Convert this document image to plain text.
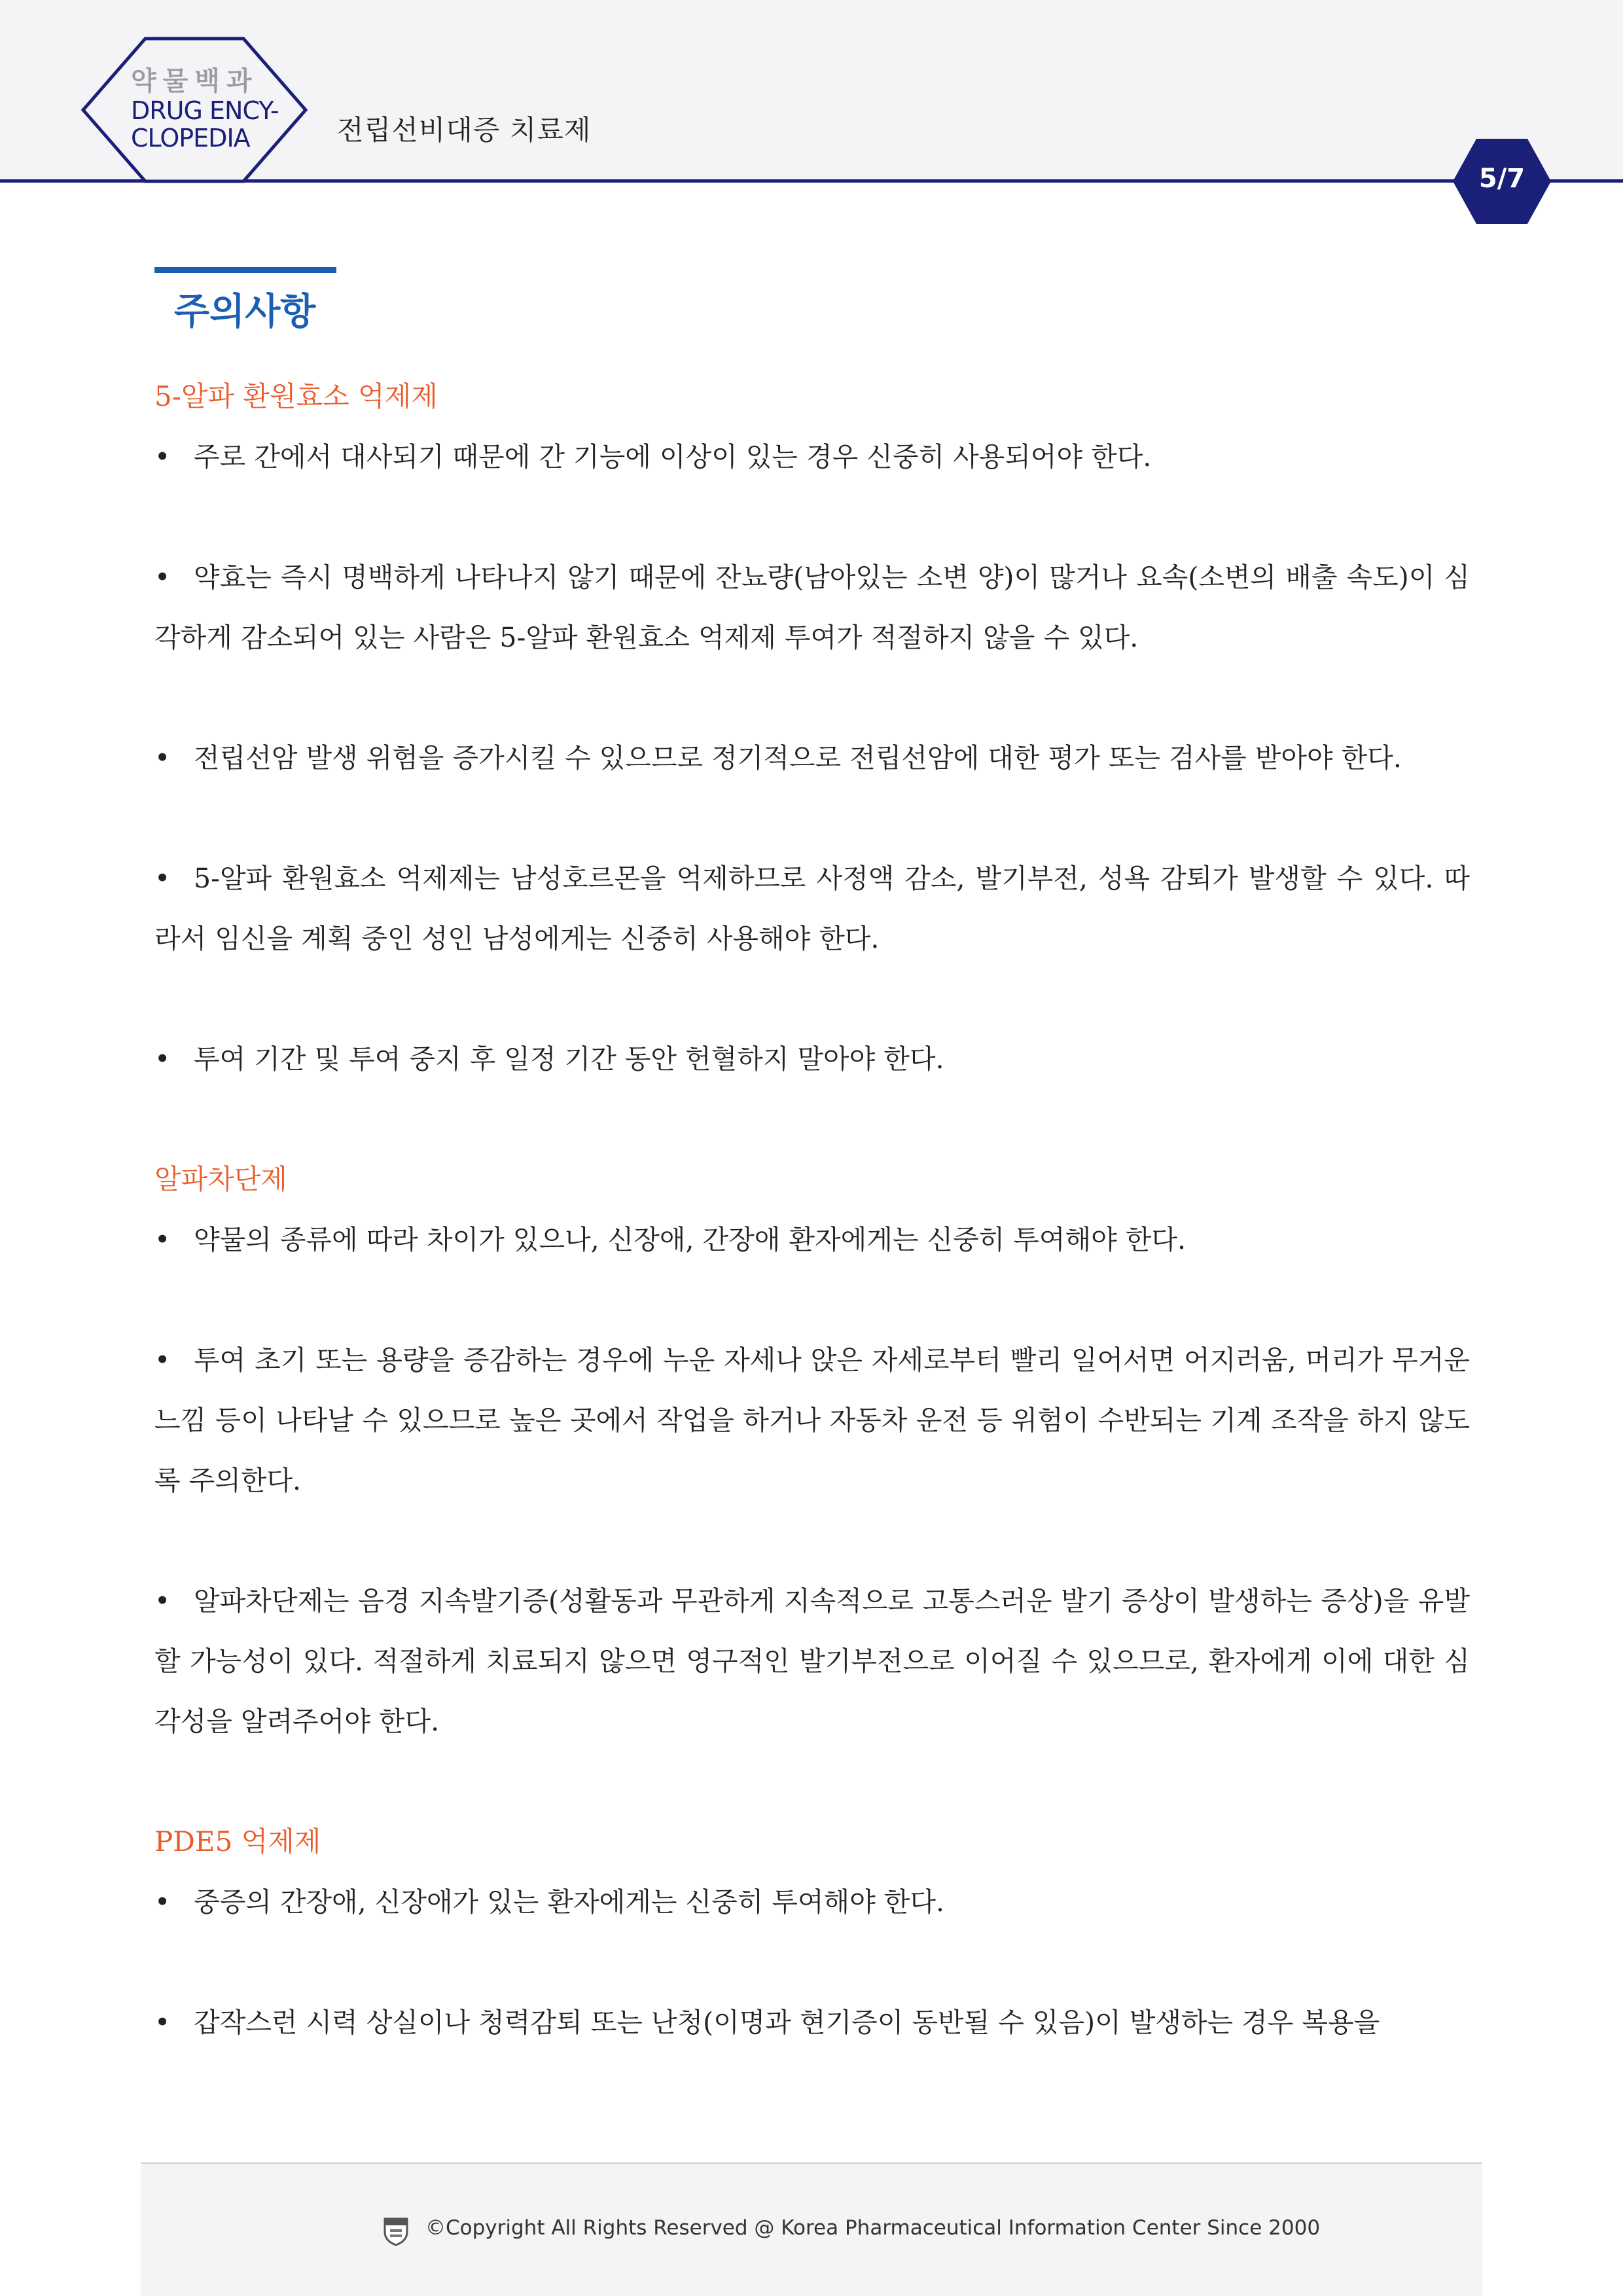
약물백과
DRUG ENCY-
CLOPEDIA	전립선비대증 치료제
5/7
주의사항
5-알파 환원효소 억제제

• 주로 간에서 대사되기 때문에 간 기능에 이상이 있는 경우 신중히 사용되어야 한다.

• 약효는 즉시 명백하게 나타나지 않기 때문에 잔뇨량(남아있는 소변 양)이 많거나 요속(소변의 배출 속도)이 심각하게 감소되어 있는 사람은 5-알파 환원효소 억제제 투여가 적절하지 않을 수 있다.

• 전립선암 발생 위험을 증가시킬 수 있으므로 정기적으로 전립선암에 대한 평가 또는 검사를 받아야 한다.

• 5-알파 환원효소 억제제는 남성호르몬을 억제하므로 사정액 감소, 발기부전, 성욕 감퇴가 발생할 수 있다. 따라서 임신을 계획 중인 성인 남성에게는 신중히 사용해야 한다.

• 투여 기간 및 투여 중지 후 일정 기간 동안 헌혈하지 말아야 한다.

알파차단제

• 약물의 종류에 따라 차이가 있으나, 신장애, 간장애 환자에게는 신중히 투여해야 한다.

• 투여 초기 또는 용량을 증감하는 경우에 누운 자세나 앉은 자세로부터 빨리 일어서면 어지러움, 머리가 무거운 느낌 등이 나타날 수 있으므로 높은 곳에서 작업을 하거나 자동차 운전 등 위험이 수반되는 기계 조작을 하지 않도록 주의한다.

• 알파차단제는 음경 지속발기증(성활동과 무관하게 지속적으로 고통스러운 발기 증상이 발생하는 증상)을 유발할 가능성이 있다. 적절하게 치료되지 않으면 영구적인 발기부전으로 이어질 수 있으므로, 환자에게 이에 대한 심각성을 알려주어야 한다.

PDE5 억제제

• 중증의 간장애, 신장애가 있는 환자에게는 신중히 투여해야 한다.

• 갑작스런 시력 상실이나 청력감퇴 또는 난청(이명과 현기증이 동반될 수 있음)이 발생하는 경우 복용을

©Copyright All Rights Reserved @ Korea Pharmaceutical Information Center Since 2000
